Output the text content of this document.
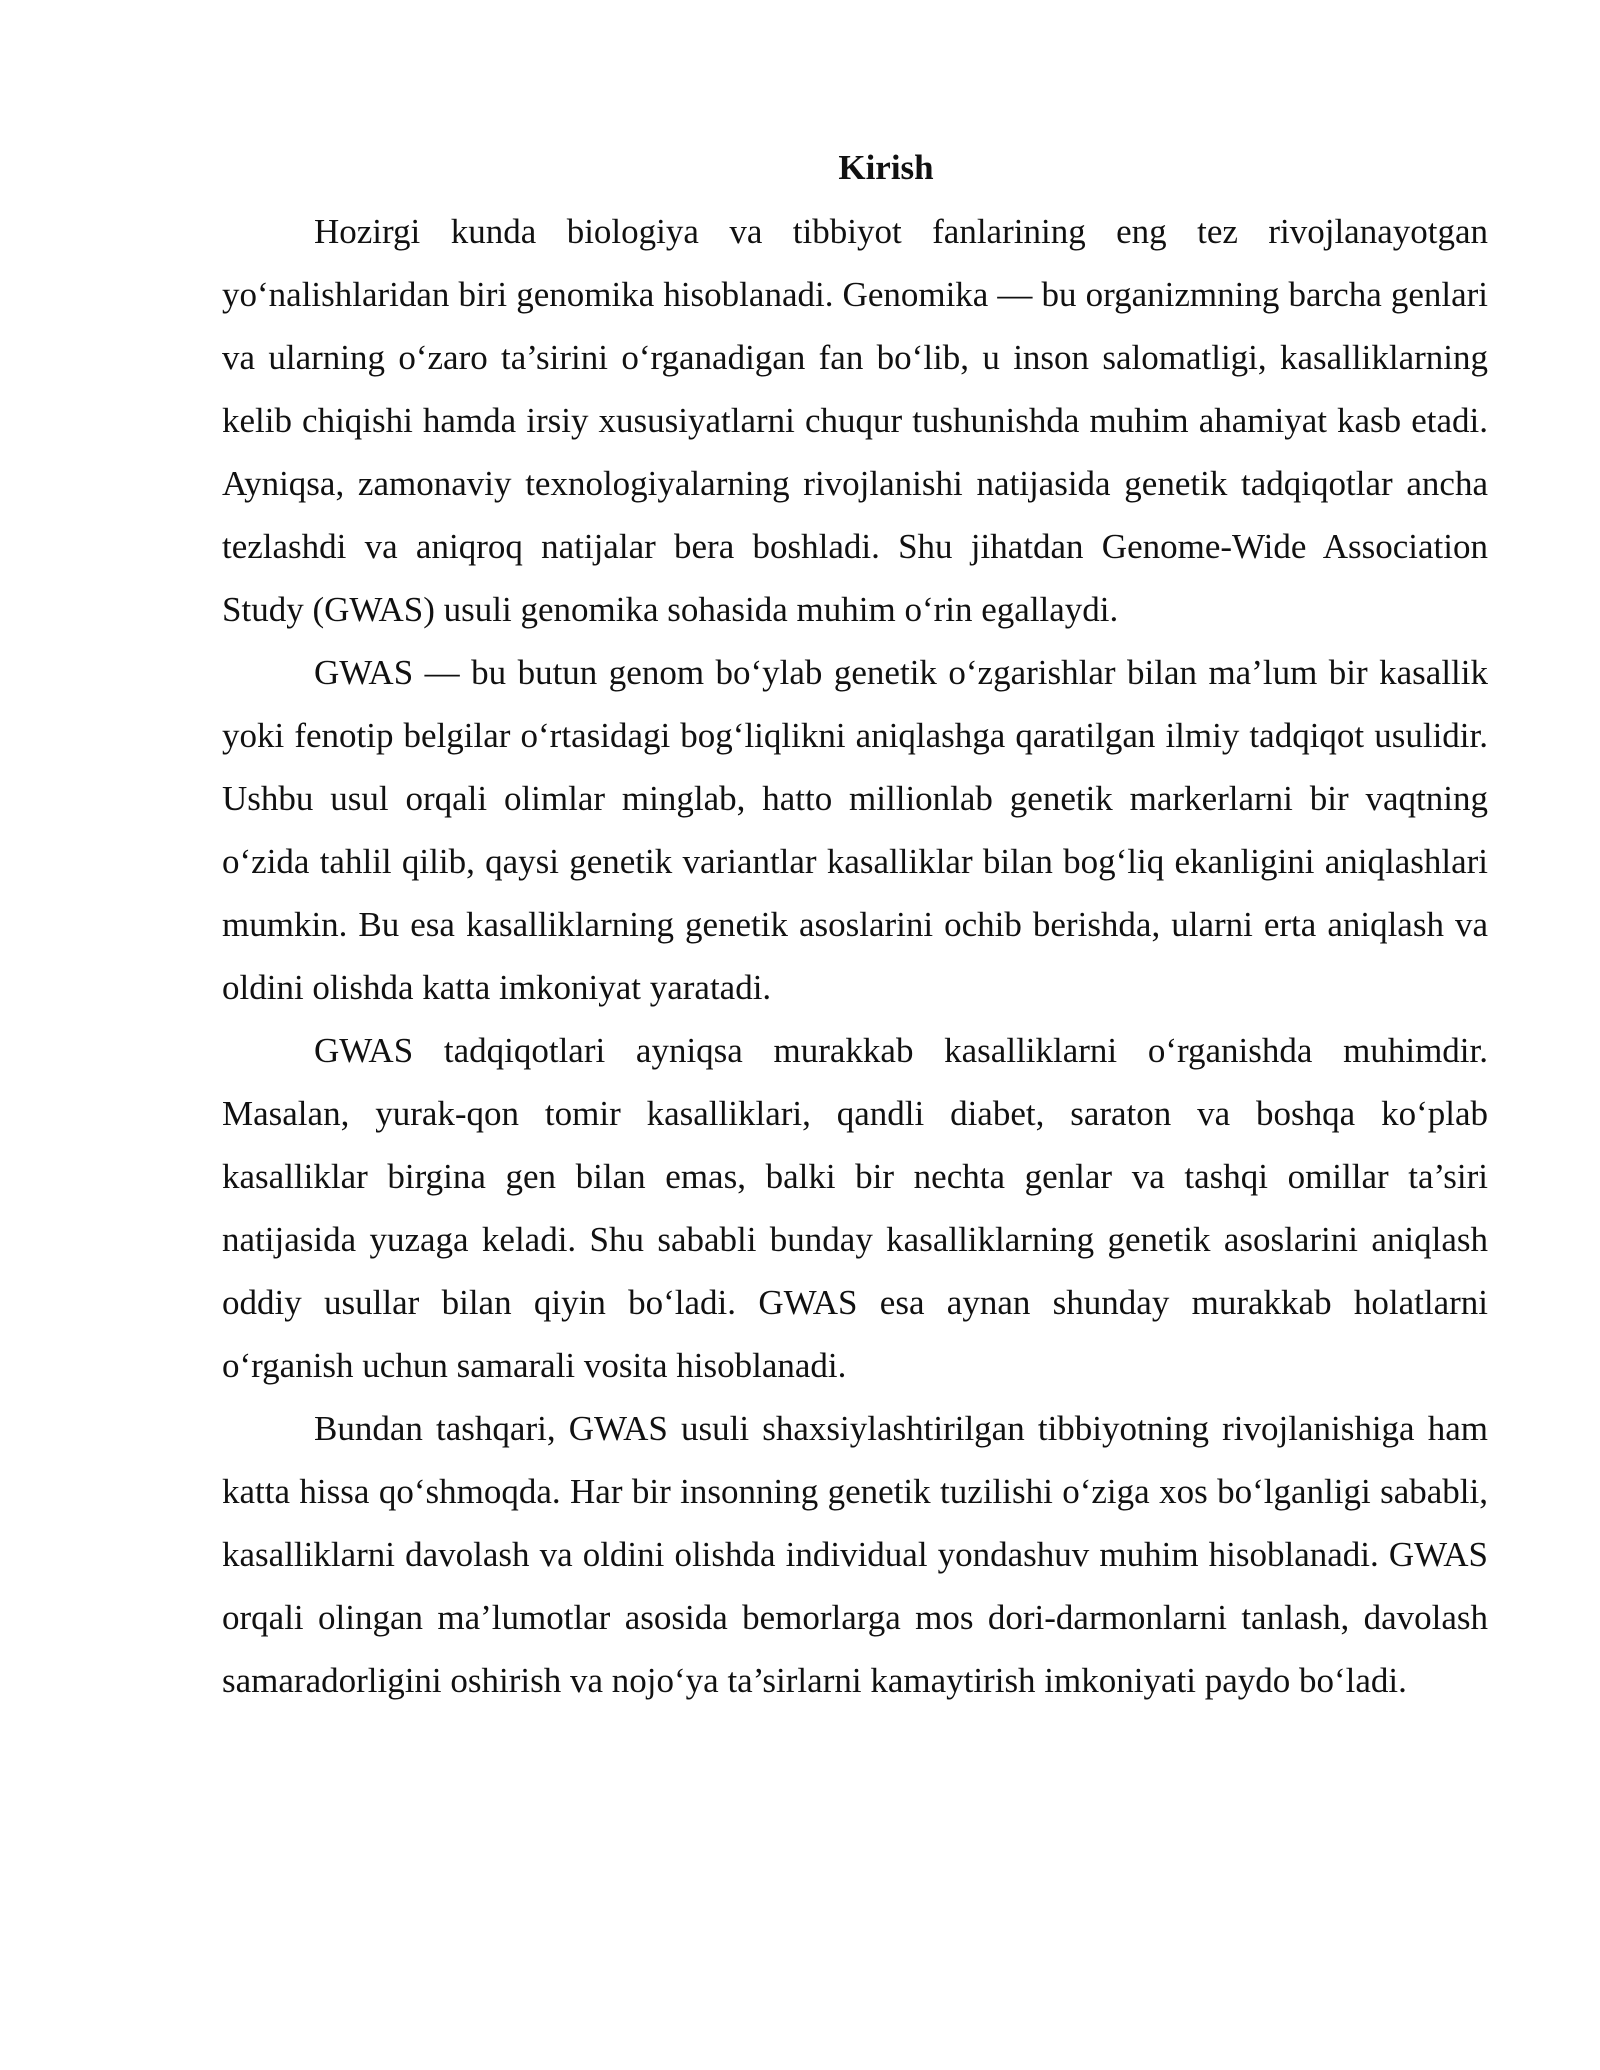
Kirish

Hozirgi kunda biologiya va tibbiyot fanlarining eng tez rivojlanayotgan yo‘nalishlaridan biri genomika hisoblanadi. Genomika — bu organizmning barcha genlari va ularning o‘zaro ta’sirini o‘rganadigan fan bo‘lib, u inson salomatligi, kasalliklarning kelib chiqishi hamda irsiy xususiyatlarni chuqur tushunishda muhim ahamiyat kasb etadi. Ayniqsa, zamonaviy texnologiyalarning rivojlanishi natijasida genetik tadqiqotlar ancha tezlashdi va aniqroq natijalar bera boshladi. Shu jihatdan Genome-Wide Association Study (GWAS) usuli genomika sohasida muhim o‘rin egallaydi.

GWAS — bu butun genom bo‘ylab genetik o‘zgarishlar bilan ma’lum bir kasallik yoki fenotip belgilar o‘rtasidagi bog‘liqlikni aniqlashga qaratilgan ilmiy tadqiqot usulidir. Ushbu usul orqali olimlar minglab, hatto millionlab genetik markerlarni bir vaqtning o‘zida tahlil qilib, qaysi genetik variantlar kasalliklar bilan bog‘liq ekanligini aniqlashlari mumkin. Bu esa kasalliklarning genetik asoslarini ochib berishda, ularni erta aniqlash va oldini olishda katta imkoniyat yaratadi.

GWAS tadqiqotlari ayniqsa murakkab kasalliklarni o‘rganishda muhimdir. Masalan, yurak-qon tomir kasalliklari, qandli diabet, saraton va boshqa ko‘plab kasalliklar birgina gen bilan emas, balki bir nechta genlar va tashqi omillar ta’siri natijasida yuzaga keladi. Shu sababli bunday kasalliklarning genetik asoslarini aniqlash oddiy usullar bilan qiyin bo‘ladi. GWAS esa aynan shunday murakkab holatlarni o‘rganish uchun samarali vosita hisoblanadi.

Bundan tashqari, GWAS usuli shaxsiylashtirilgan tibbiyotning rivojlanishiga ham katta hissa qo‘shmoqda. Har bir insonning genetik tuzilishi o‘ziga xos bo‘lganligi sababli, kasalliklarni davolash va oldini olishda individual yondashuv muhim hisoblanadi. GWAS orqali olingan ma’lumotlar asosida bemorlarga mos dori-darmonlarni tanlash, davolash samaradorligini oshirish va nojo‘ya ta’sirlarni kamaytirish imkoniyati paydo bo‘ladi.
